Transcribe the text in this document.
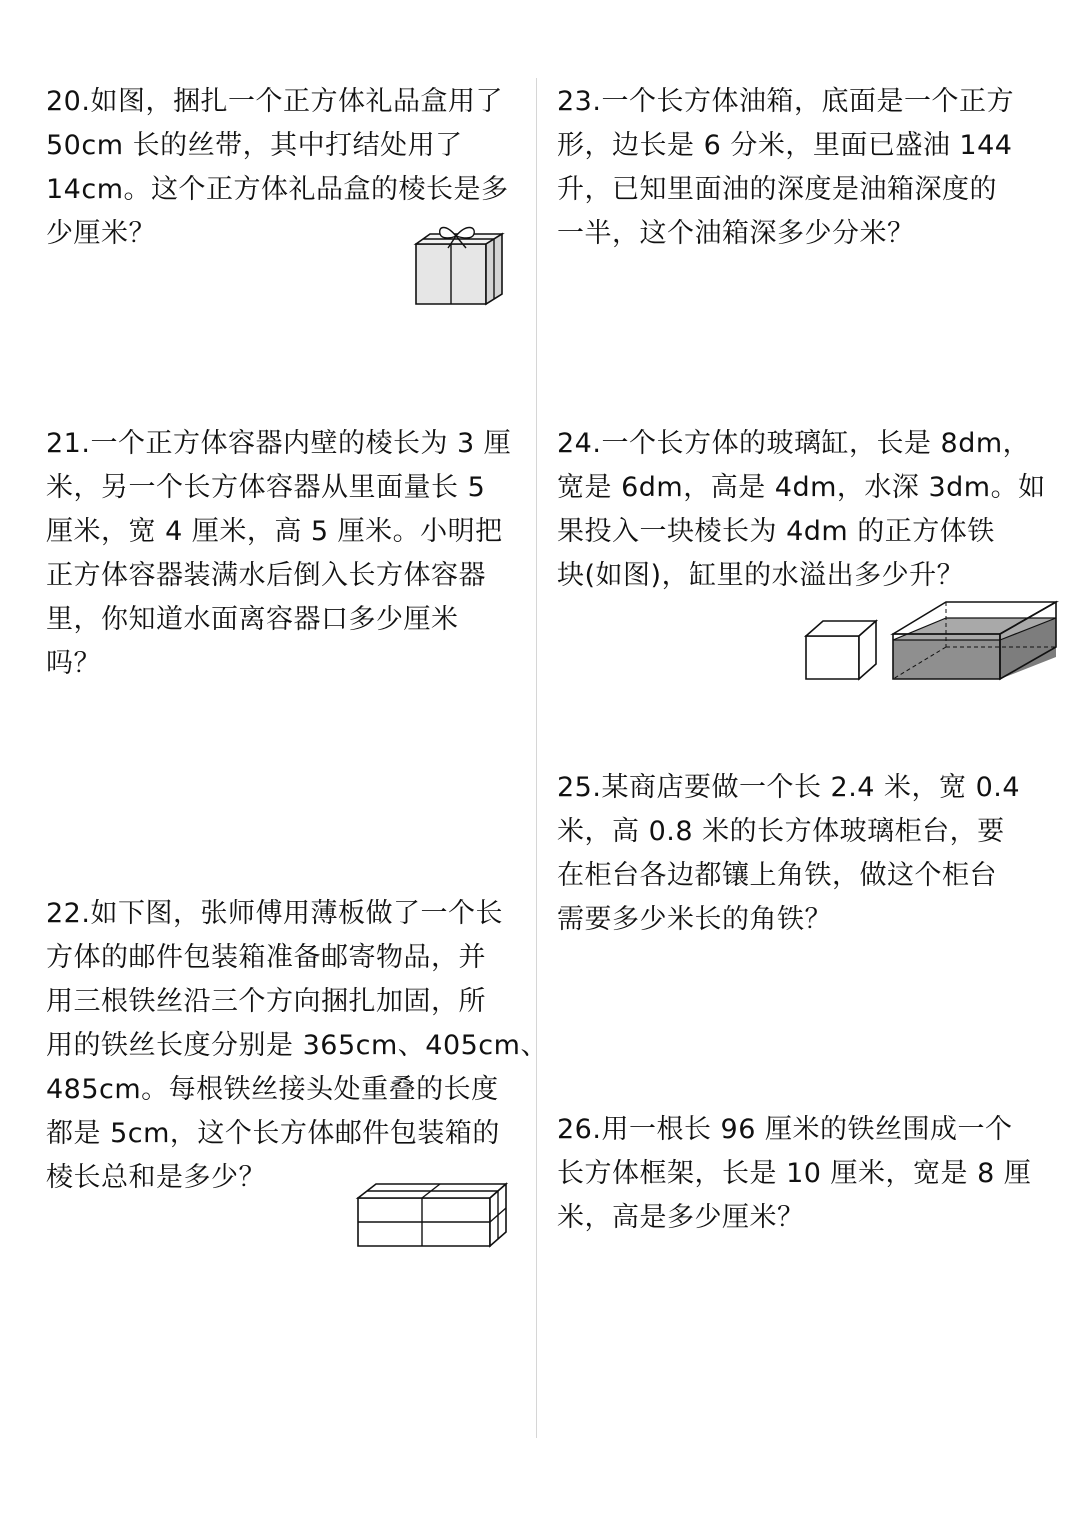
20.如图，捆扎一个正方体礼品盒用了

50cm 长的丝带，其中打结处用了

14cm。这个正方体礼品盒的棱长是多

少厘米？

21.一个正方体容器内壁的棱长为 3 厘

米，另一个长方体容器从里面量长 5

厘米，宽 4 厘米，高 5 厘米。小明把

正方体容器装满水后倒入长方体容器

里，你知道水面离容器口多少厘米

吗？

22.如下图，张师傅用薄板做了一个长

方体的邮件包装箱准备邮寄物品，并

用三根铁丝沿三个方向捆扎加固，所

用的铁丝长度分别是 365cm、405cm、

485cm。每根铁丝接头处重叠的长度

都是 5cm，这个长方体邮件包装箱的

棱长总和是多少？

23.一个长方体油箱，底面是一个正方

形，边长是 6 分米，里面已盛油 144

升，已知里面油的深度是油箱深度的

一半，这个油箱深多少分米？

24.一个长方体的玻璃缸，长是 8dm，

宽是 6dm，高是 4dm，水深 3dm。如

果投入一块棱长为 4dm 的正方体铁

块(如图)，缸里的水溢出多少升？

25.某商店要做一个长 2.4 米，宽 0.4

米，高 0.8 米的长方体玻璃柜台，要

在柜台各边都镶上角铁，做这个柜台

需要多少米长的角铁？

26.用一根长 96 厘米的铁丝围成一个

长方体框架，长是 10 厘米，宽是 8 厘

米，高是多少厘米？
